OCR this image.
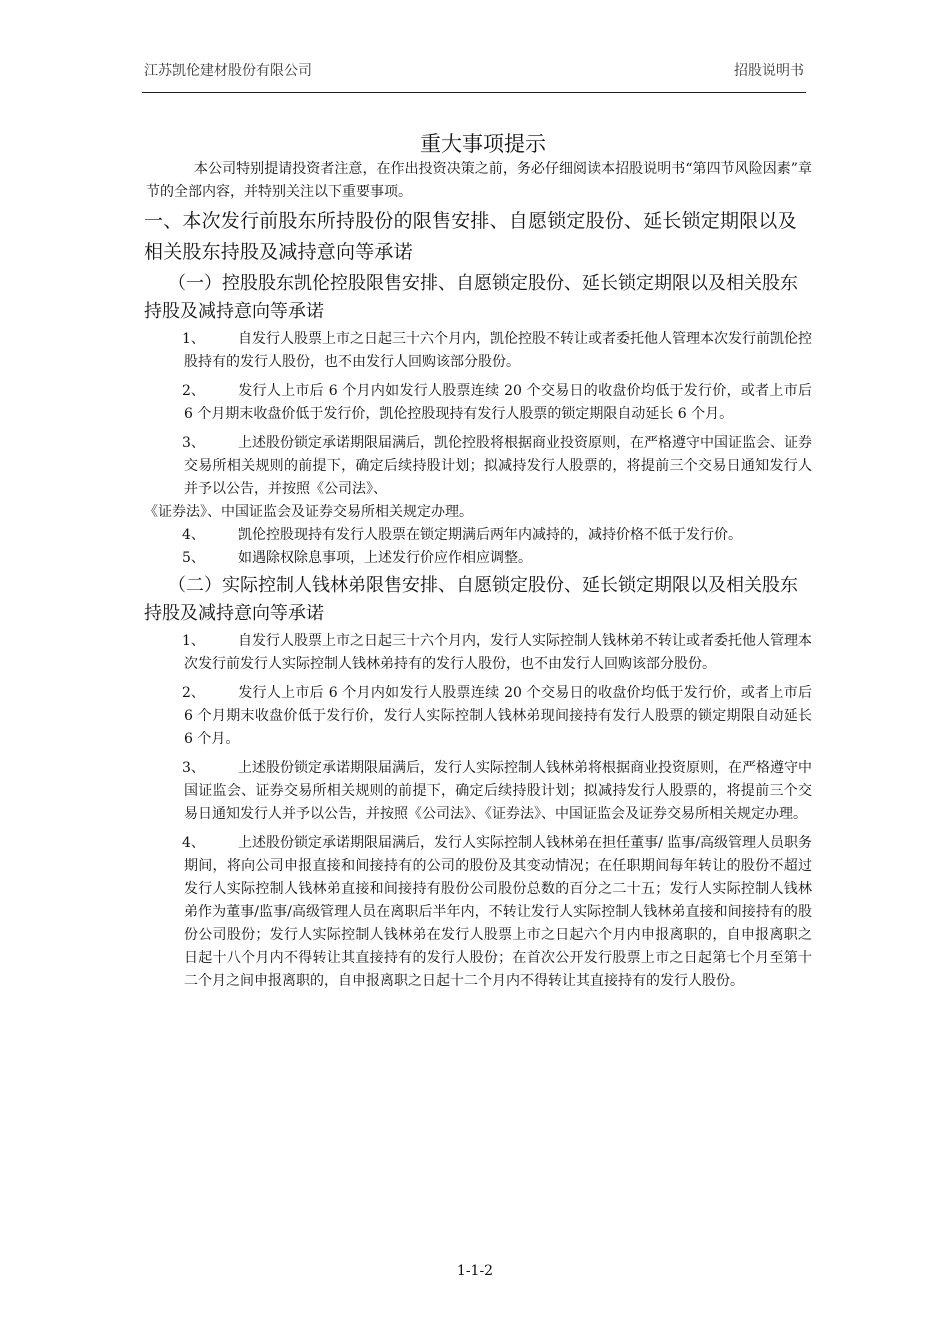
江苏凯伦建材股份有限公司	招股说明书
重大事项提示

本公司特别提请投资者注意，在作出投资决策之前，务必仔细阅读本招股说明书“第四节风险因素”章节的全部内容，并特别关注以下重要事项。

一、本次发行前股东所持股份的限售安排、自愿锁定股份、延长锁定期限以及相关股东持股及减持意向等承诺
（一）控股股东凯伦控股限售安排、自愿锁定股份、延长锁定期限以及相关股东持股及减持意向等承诺

1、 自发行人股票上市之日起三十六个月内，凯伦控股不转让或者委托他人管理本次发行前凯伦控股持有的发行人股份，也不由发行人回购该部分股份。

2、 发行人上市后 6 个月内如发行人股票连续 20 个交易日的收盘价均低于发行价，或者上市后 6 个月期末收盘价低于发行价，凯伦控股现持有发行人股票的锁定期限自动延长 6 个月。

3、 上述股份锁定承诺期限届满后，凯伦控股将根据商业投资原则，在严格遵守中国证监会、证券交易所相关规则的前提下，确定后续持股计划；拟减持发行人股票的，将提前三个交易日通知发行人并予以公告，并按照《公司法》、

《证券法》、中国证监会及证券交易所相关规定办理。

4、 凯伦控股现持有发行人股票在锁定期满后两年内减持的，减持价格不低于发行价。

5、 如遇除权除息事项，上述发行价应作相应调整。

（二）实际控制人钱林弟限售安排、自愿锁定股份、延长锁定期限以及相关股东持股及减持意向等承诺

1、 自发行人股票上市之日起三十六个月内，发行人实际控制人钱林弟不转让或者委托他人管理本次发行前发行人实际控制人钱林弟持有的发行人股份，也不由发行人回购该部分股份。

2、 发行人上市后 6 个月内如发行人股票连续 20 个交易日的收盘价均低于发行价，或者上市后 6 个月期末收盘价低于发行价，发行人实际控制人钱林弟现间接持有发行人股票的锁定期限自动延长 6 个月。

3、 上述股份锁定承诺期限届满后，发行人实际控制人钱林弟将根据商业投资原则，在严格遵守中国证监会、证券交易所相关规则的前提下，确定后续持股计划；拟减持发行人股票的，将提前三个交易日通知发行人并予以公告，并按照《公司法》、《证券法》、中国证监会及证券交易所相关规定办理。

4、 上述股份锁定承诺期限届满后，发行人实际控制人钱林弟在担任董事/ 监事/高级管理人员职务期间，将向公司申报直接和间接持有的公司的股份及其变动情况；在任职期间每年转让的股份不超过发行人实际控制人钱林弟直接和间接持有股份公司股份总数的百分之二十五；发行人实际控制人钱林弟作为董事/监事/高级管理人员在离职后半年内，不转让发行人实际控制人钱林弟直接和间接持有的股份公司股份；发行人实际控制人钱林弟在发行人股票上市之日起六个月内申报离职的，自申报离职之日起十八个月内不得转让其直接持有的发行人股份；在首次公开发行股票上市之日起第七个月至第十二个月之间申报离职的，自申报离职之日起十二个月内不得转让其直接持有的发行人股份。

1-1-2
